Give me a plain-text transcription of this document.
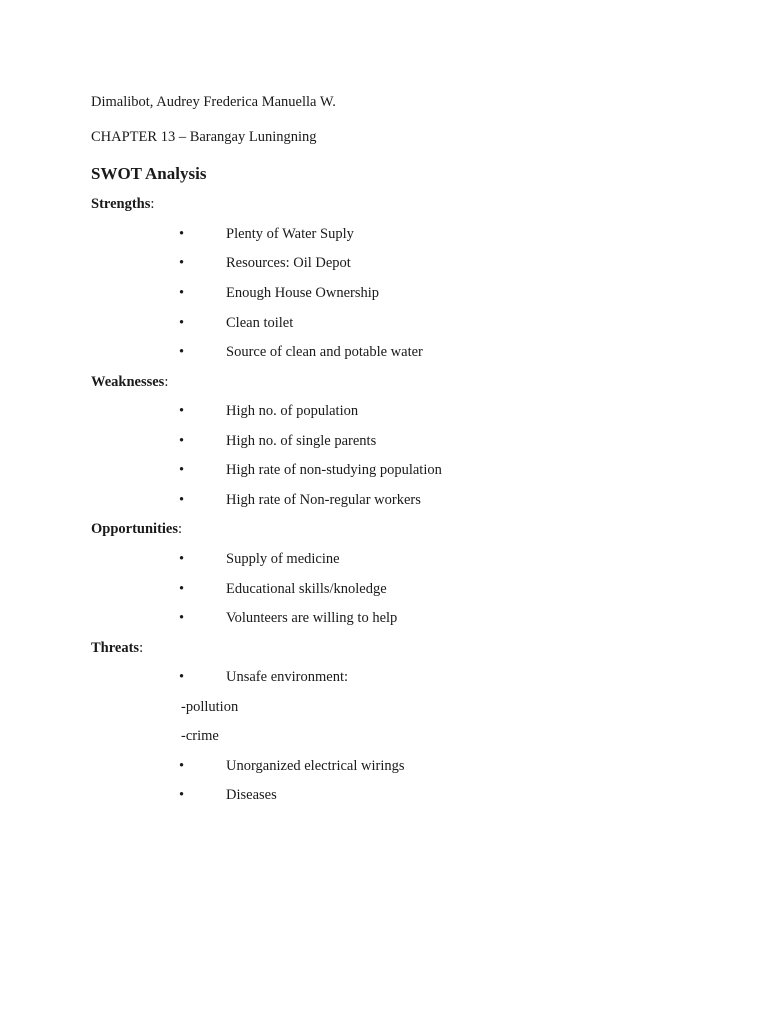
Dimalibot, Audrey Frederica Manuella W.
CHAPTER 13 – Barangay Luningning
SWOT Analysis
Strengths:
•	Plenty of Water Suply
•	Resources: Oil Depot
•	Enough House Ownership
•	Clean toilet
•	Source of clean and potable water
Weaknesses:
•	High no. of population
•	High no. of single parents
•	High rate of non-studying population
•	High rate of Non-regular workers
Opportunities:
•	Supply of medicine
•	Educational skills/knoledge
•	Volunteers are willing to help
Threats:
•	Unsafe environment:
-pollution
-crime
•	Unorganized electrical wirings
•	Diseases
